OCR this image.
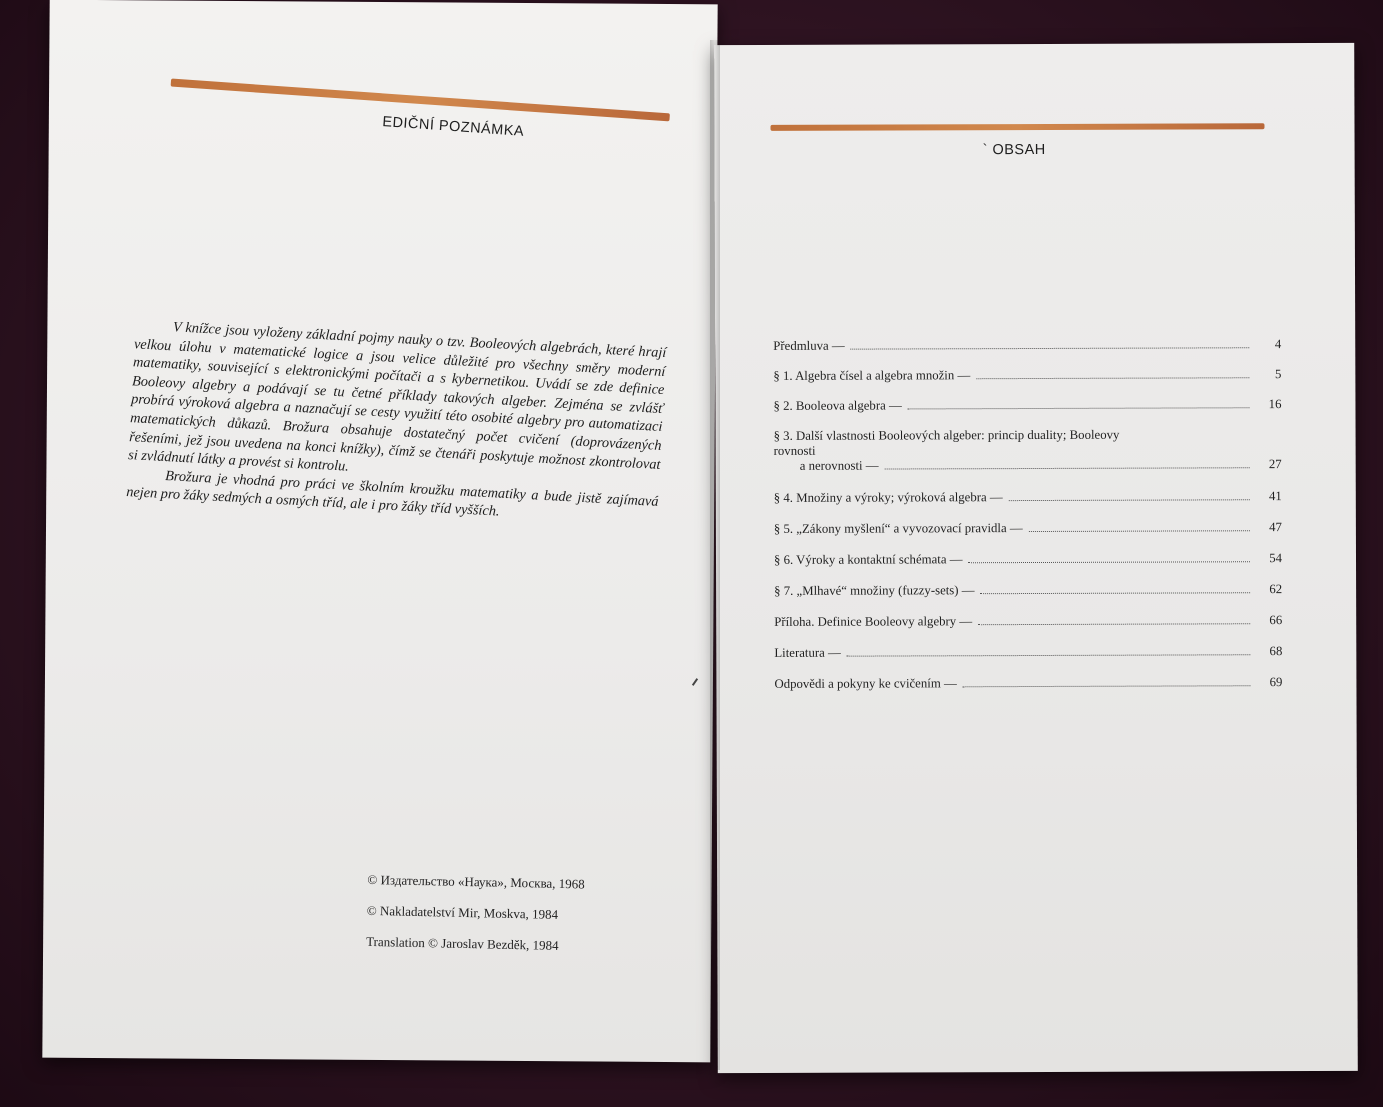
EDIČNÍ POZNÁMKA

V knížce jsou vyloženy základní pojmy nauky o tzv. Booleových algebrách, které hrají velkou úlohu v matematické logice a jsou velice důležité pro všechny směry moderní matematiky, související s elektronickými počítači a s kybernetikou. Uvádí se zde definice Booleovy algebry a podávají se tu četné příklady takových algeber. Zejména se zvlášť probírá výroková algebra a naznačují se cesty využití této osobité algebry pro automatizaci matematických důkazů. Brožura obsahuje dostatečný počet cvičení (doprovázených řešeními, jež jsou uvedena na konci knížky), čímž se čtenáři poskytuje možnost zkontrolovat si zvládnutí látky a provést si kontrolu.

Brožura je vhodná pro práci ve školním kroužku matematiky a bude jistě zajímavá nejen pro žáky sedmých a osmých tříd, ale i pro žáky tříd vyšších.

© Издательство «Наука», Москва, 1968
© Nakladatelství Mir, Moskva, 1984
Translation © Jaroslav Bezděk, 1984
` OBSAH
Předmluva —	4
§ 1. Algebra čísel a algebra množin —	5
§ 2. Booleova algebra —	16
§ 3. Další vlastnosti Booleových algeber: princip duality; Booleovy
rovnosti
a nerovnosti —	27
§ 4. Množiny a výroky; výroková algebra —	41
§ 5. „Zákony myšlení“ a vyvozovací pravidla —	47
§ 6. Výroky a kontaktní schémata —	54
§ 7. „Mlhavé“ množiny (fuzzy-sets) —	62
Příloha. Definice Booleovy algebry —	66
Literatura —	68
Odpovědi a pokyny ke cvičením —	69
